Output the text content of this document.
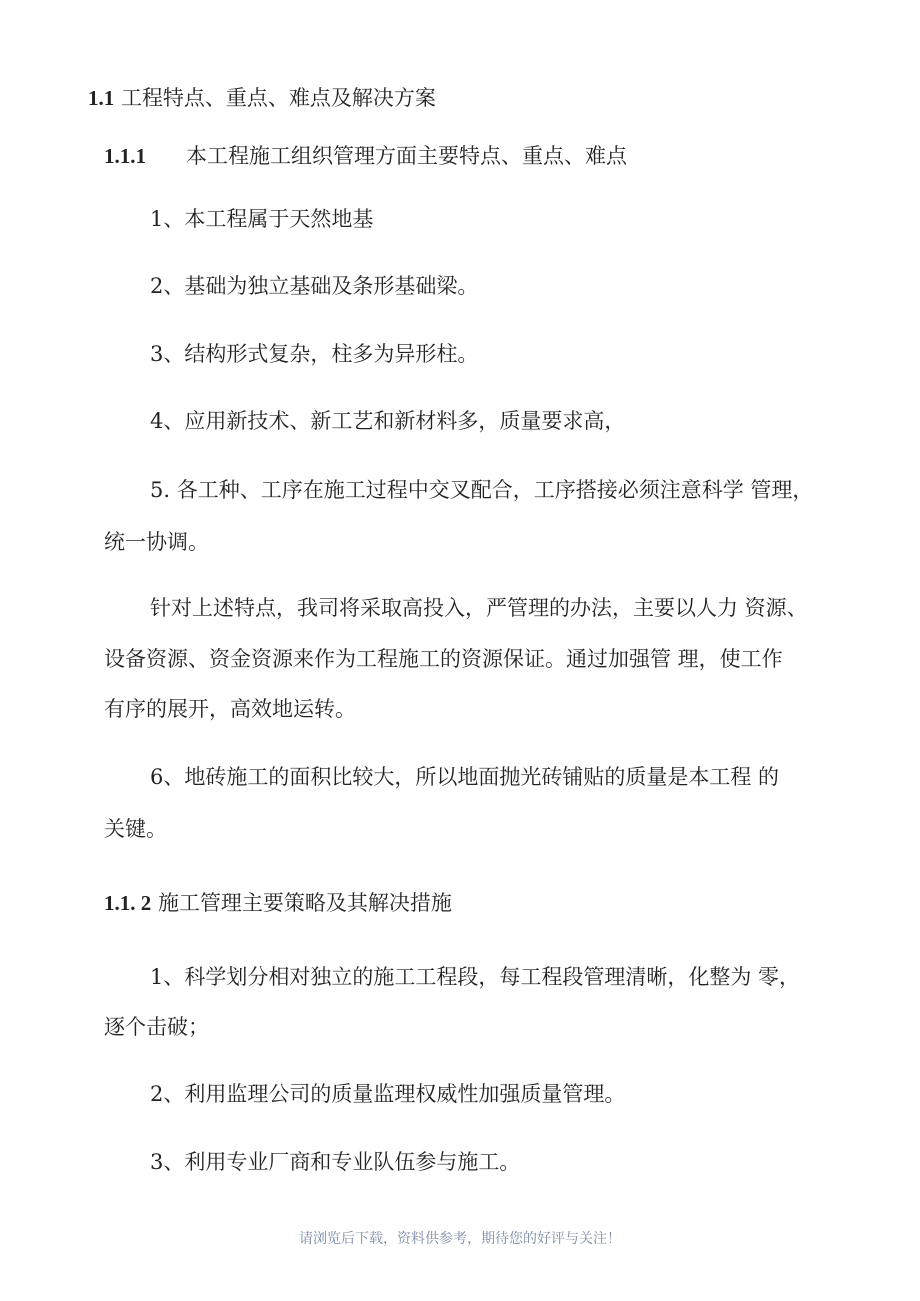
1.1 工程特点、重点、难点及解决方案
1.1.1 本工程施工组织管理方面主要特点、重点、难点
1、本工程属于天然地基
2、基础为独立基础及条形基础梁。
3、结构形式复杂，柱多为异形柱。
4、应用新技术、新工艺和新材料多，质量要求高，
5. 各工种、工序在施工过程中交叉配合，工序搭接必须注意科学 管理，
统一协调。
针对上述特点，我司将采取高投入，严管理的办法，主要以人力 资源、
设备资源、资金资源来作为工程施工的资源保证。通过加强管 理，使工作
有序的展开，高效地运转。
6、地砖施工的面积比较大，所以地面抛光砖铺贴的质量是本工程 的
关键。
1.1. 2 施工管理主要策略及其解决措施
1、科学划分相对独立的施工工程段，每工程段管理清晰，化整为 零，
逐个击破；
2、利用监理公司的质量监理权威性加强质量管理。
3、利用专业厂商和专业队伍参与施工。
请浏览后下载，资料供参考，期待您的好评与关注！
